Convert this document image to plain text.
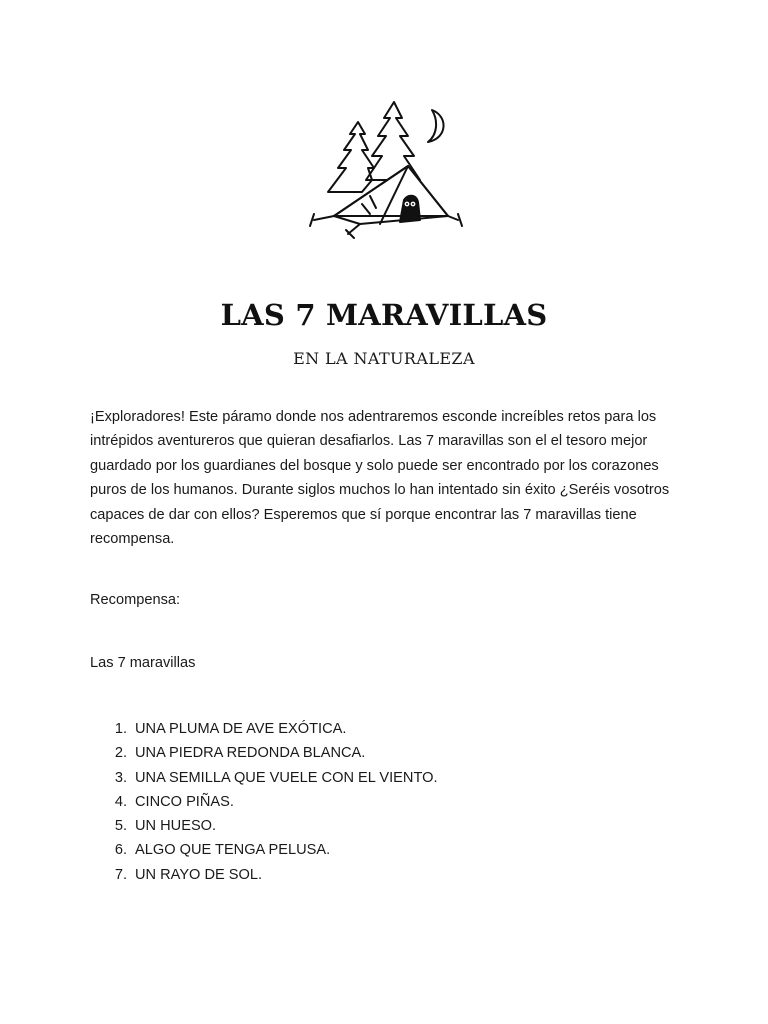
LAS 7 MARAVILLAS
EN LA NATURALEZA

¡Exploradores! Este páramo donde nos adentraremos esconde increíbles retos para los intrépidos aventureros que quieran desafiarlos. Las 7 maravillas son el el tesoro mejor guardado por los guardianes del bosque y solo puede ser encontrado por los corazones puros de los humanos. Durante siglos muchos lo han intentado sin éxito ¿Seréis vosotros capaces de dar con ellos? Esperemos que sí porque encontrar las 7 maravillas tiene recompensa.

Recompensa:

Las 7 maravillas

1. UNA PLUMA DE AVE EXÓTICA.
2. UNA PIEDRA REDONDA BLANCA.
3. UNA SEMILLA QUE VUELE CON EL VIENTO.
4. CINCO PIÑAS.
5. UN HUESO.
6. ALGO QUE TENGA PELUSA.
7. UN RAYO DE SOL.
